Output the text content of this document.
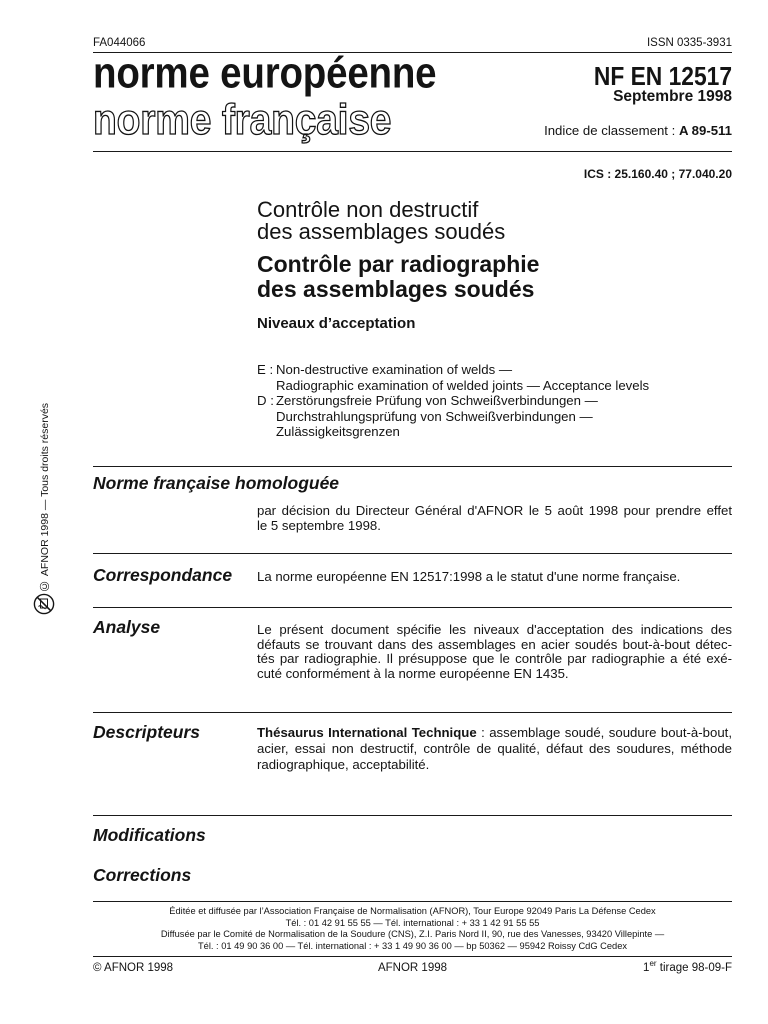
FA044066	ISSN 0335-3931
norme européenne
norme française
NF EN 12517
Septembre 1998
Indice de classement : A 89-511
ICS : 25.160.40 ; 77.040.20
Contrôle non destructif
des assemblages soudés
Contrôle par radiographie
des assemblages soudés
Niveaux d’acceptation
E : Non-destructive examination of welds —
Radiographic examination of welded joints — Acceptance levels
D : Zerstörungsfreie Prüfung von Schweißverbindungen —
Durchstrahlungsprüfung von Schweißverbindungen —
Zulässigkeitsgrenzen
Norme française homologuée
par décision du Directeur Général d'AFNOR le 5 août 1998 pour prendre effet
le 5 septembre 1998.
Correspondance La norme européenne EN 12517:1998 a le statut d'une norme française.
Analyse	Le présent document spécifie les niveaux d'acceptation des indications des
défauts se trouvant dans des assemblages en acier soudés bout-à-bout détec-
tés par radiographie. Il présuppose que le contrôle par radiographie a été exé-
cuté conformément à la norme européenne EN 1435.
Descripteurs	Thésaurus International Technique : assemblage soudé, soudure bout-à-bout,
acier, essai non destructif, contrôle de qualité, défaut des soudures, méthode
radiographique, acceptabilité.
Modifications
Corrections
© AFNOR 1998 — Tous droits réservés
Éditée et diffusée par l’Association Française de Normalisation (AFNOR), Tour Europe 92049 Paris La Défense Cedex
Tél. : 01 42 91 55 55 — Tél. international : + 33 1 42 91 55 55
Diffusée par le Comité de Normalisation de la Soudure (CNS), Z.I. Paris Nord II, 90, rue des Vanesses, 93420 Villepinte —
Tél. : 01 49 90 36 00 — Tél. international : + 33 1 49 90 36 00 — bp 50362 — 95942 Roissy CdG Cedex
© AFNOR 1998	AFNOR 1998	1er tirage 98-09-F
